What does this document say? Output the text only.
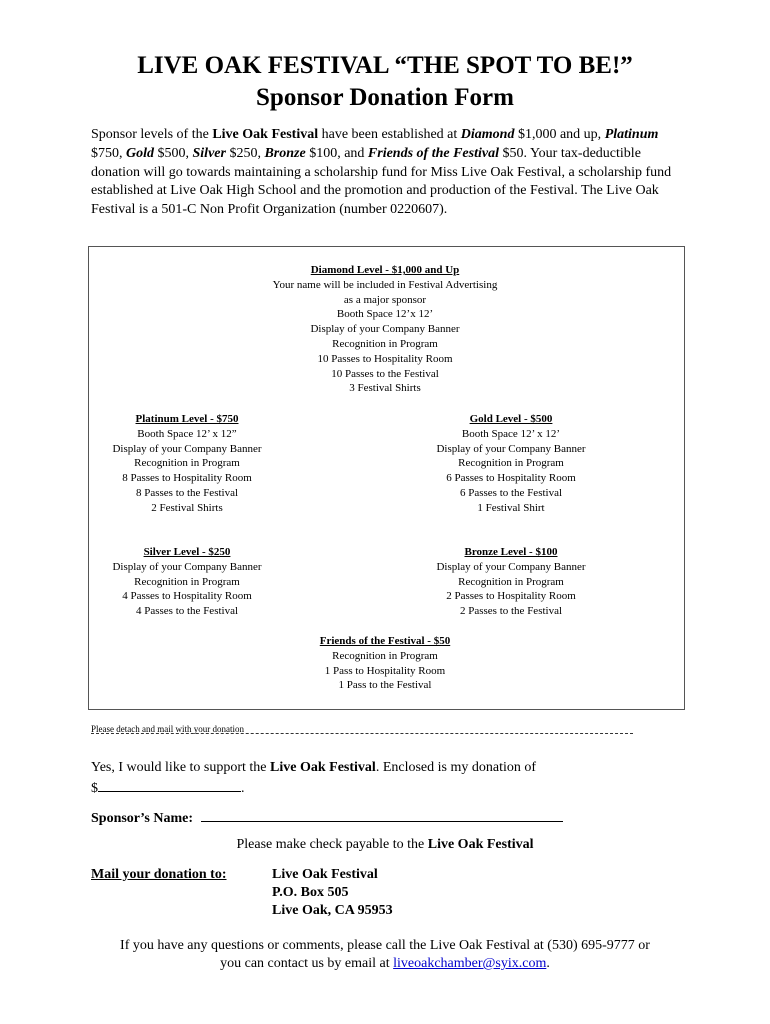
LIVE OAK FESTIVAL “THE SPOT TO BE!”
Sponsor Donation Form
Sponsor levels of the Live Oak Festival have been established at Diamond $1,000 and up, Platinum $750, Gold $500, Silver $250, Bronze $100, and Friends of the Festival $50. Your tax-deductible donation will go towards maintaining a scholarship fund for Miss Live Oak Festival, a scholarship fund established at Live Oak High School and the promotion and production of the Festival. The Live Oak Festival is a 501-C Non Profit Organization (number 0220607).
Diamond Level - $1,000 and Up
Your name will be included in Festival Advertising
as a major sponsor
Booth Space 12’x 12’
Display of your Company Banner
Recognition in Program
10 Passes to Hospitality Room
10 Passes to the Festival
3 Festival Shirts
Platinum Level - $750
Booth Space 12’ x 12”
Display of your Company Banner
Recognition in Program
8 Passes to Hospitality Room
8 Passes to the Festival
2 Festival Shirts
Gold Level - $500
Booth Space 12’ x 12’
Display of your Company Banner
Recognition in Program
6 Passes to Hospitality Room
6 Passes to the Festival
1 Festival Shirt
Silver Level - $250
Display of your Company Banner
Recognition in Program
4 Passes to Hospitality Room
4 Passes to the Festival
Bronze Level - $100
Display of your Company Banner
Recognition in Program
2 Passes to Hospitality Room
2 Passes to the Festival
Friends of the Festival - $50
Recognition in Program
1 Pass to Hospitality Room
1 Pass to the Festival
Please detach and mail with your donation
Yes, I would like to support the Live Oak Festival. Enclosed is my donation of
$	.
Sponsor’s Name:
Please make check payable to the Live Oak Festival
Mail your donation to:	Live Oak Festival
P.O. Box 505
Live Oak, CA 95953
If you have any questions or comments, please call the Live Oak Festival at (530) 695-9777 or
you can contact us by email at liveoakchamber@syix.com.
